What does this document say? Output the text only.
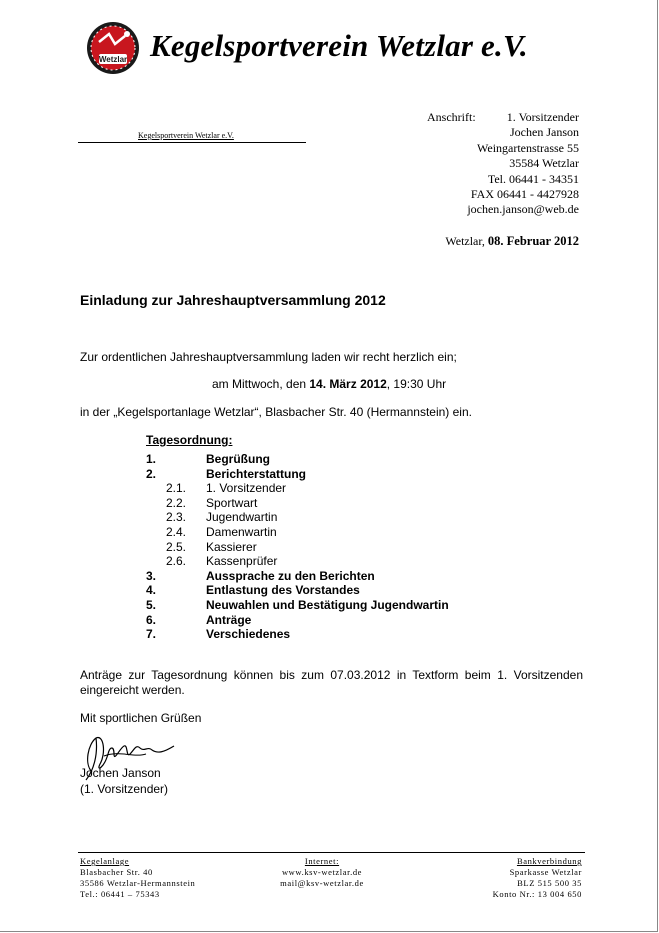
Wetzlar Kegelsportverein Wetzlar e.V.
Kegelsportverein Wetzlar e.V.
Anschrift:	1. Vorsitzender
Jochen Janson
Weingartenstrasse 55
35584 Wetzlar
Tel. 06441 - 34351
FAX 06441 - 4427928
jochen.janson@web.de
Wetzlar, 08. Februar 2012
Einladung zur Jahreshauptversammlung 2012
Zur ordentlichen Jahreshauptversammlung laden wir recht herzlich ein;
am Mittwoch, den 14. März 2012, 19:30 Uhr
in der „Kegelsportanlage Wetzlar“, Blasbacher Str. 40 (Hermannstein) ein.
Tagesordnung:
1.	Begrüßung
2.	Berichterstattung
2.1. 1. Vorsitzender
2.2. Sportwart
2.3. Jugendwartin
2.4. Damenwartin
2.5. Kassierer
2.6. Kassenprüfer
3.	Aussprache zu den Berichten
4.	Entlastung des Vorstandes
5.	Neuwahlen und Bestätigung Jugendwartin
6.	Anträge
7.	Verschiedenes
Anträge zur Tagesordnung können bis zum 07.03.2012 in Textform beim 1. Vorsitzenden eingereicht werden.
Mit sportlichen Grüßen
Jochen Janson
(1. Vorsitzender)
Kegelanlage
Blasbacher Str. 40
35586 Wetzlar-Hermannstein
Tel.: 06441 – 75343
Internet:
www.ksv-wetzlar.de
mail@ksv-wetzlar.de
Bankverbindung
Sparkasse Wetzlar
BLZ 515 500 35
Konto Nr.: 13 004 650
